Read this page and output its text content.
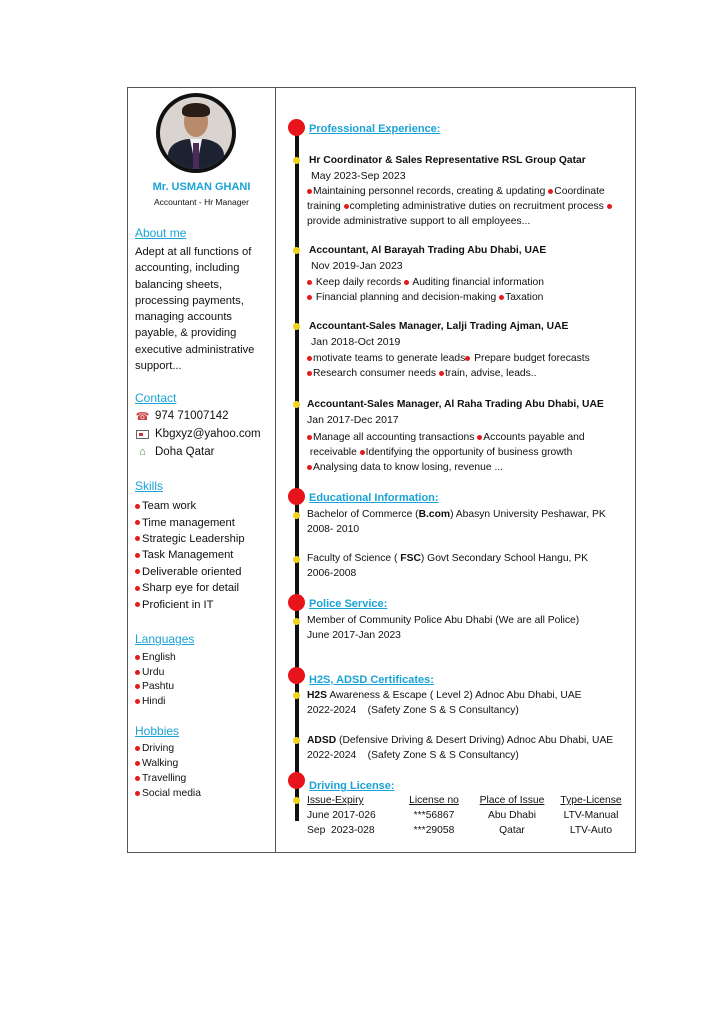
Mr. USMAN GHANI
Accountant - Hr Manager
About me
Adept at all functions of accounting, including balancing sheets, processing payments, managing accounts payable, & providing executive administrative support...
Contact
☎ 974 71007142
Kbgxyz@yahoo.com
⌂ Doha Qatar
Skills
Team work
Time management
Strategic Leadership
Task Management
Deliverable oriented
Sharp eye for detail
Proficient in IT
Languages
English
Urdu
Pashtu
Hindi
Hobbies
Driving
Walking
Travelling
Social media
Professional Experience:
Hr Coordinator & Sales Representative RSL Group Qatar
May 2023-Sep 2023
Maintaining personnel records, creating & updating Coordinate training completing administrative duties on recruitment process provide administrative support to all employees...
Accountant, Al Barayah Trading Abu Dhabi, UAE
Nov 2019-Jan 2023
Keep daily records Auditing financial information
Financial planning and decision-making Taxation
Accountant-Sales Manager, Lalji Trading Ajman, UAE
Jan 2018-Oct 2019
motivate teams to generate leads Prepare budget forecasts
Research consumer needs train, advise, leads..
Accountant-Sales Manager, Al Raha Trading Abu Dhabi, UAE
Jan 2017-Dec 2017
Manage all accounting transactions Accounts payable and
receivable Identifying the opportunity of business growth
Analysing data to know losing, revenue ...
Educational Information:
Bachelor of Commerce (B.com) Abasyn University Peshawar, PK
2008- 2010
Faculty of Science ( FSC) Govt Secondary School Hangu, PK
2006-2008
Police Service:
Member of Community Police Abu Dhabi (We are all Police)
June 2017-Jan 2023
H2S, ADSD Certificates:
H2S Awareness & Escape ( Level 2) Adnoc Abu Dhabi, UAE
2022-2024    (Safety Zone S & S Consultancy)
ADSD (Defensive Driving & Desert Driving) Adnoc Abu Dhabi, UAE
2022-2024    (Safety Zone S & S Consultancy)
Driving License:
Issue-Expiry	License no	Place of Issue	Type-License
June 2017-026	***56867	Abu Dhabi	LTV-Manual
Sep  2023-028	***29058	Qatar	LTV-Auto
